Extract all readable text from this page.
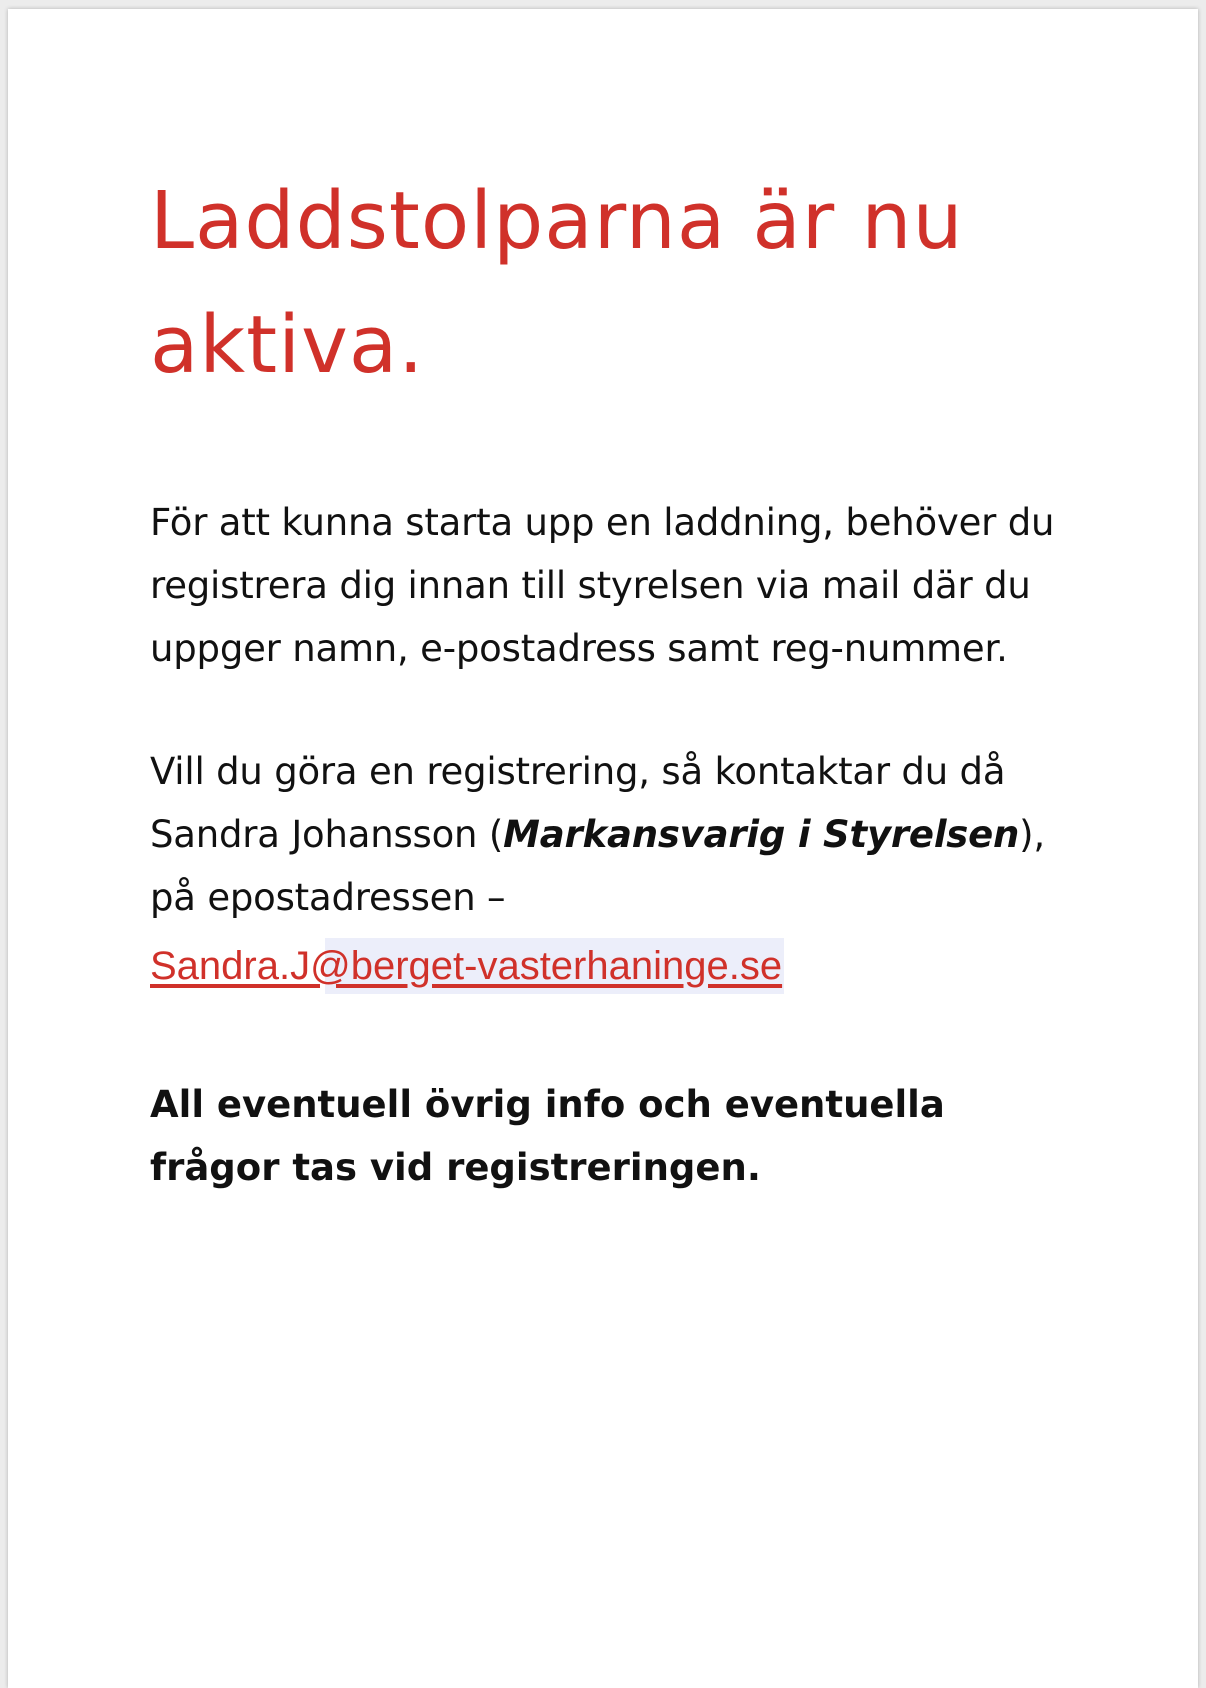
Laddstolparna är nu
aktiva.

För att kunna starta upp en laddning, behöver du registrera dig innan till styrelsen via mail där du uppger namn, e-postadress samt reg-nummer.

Vill du göra en registrering, så kontaktar du då Sandra Johansson (Markansvarig i Styrelsen), på epostadressen –

Sandra.J@berget-vasterhaninge.se

All eventuell övrig info och eventuella frågor tas vid registreringen.
